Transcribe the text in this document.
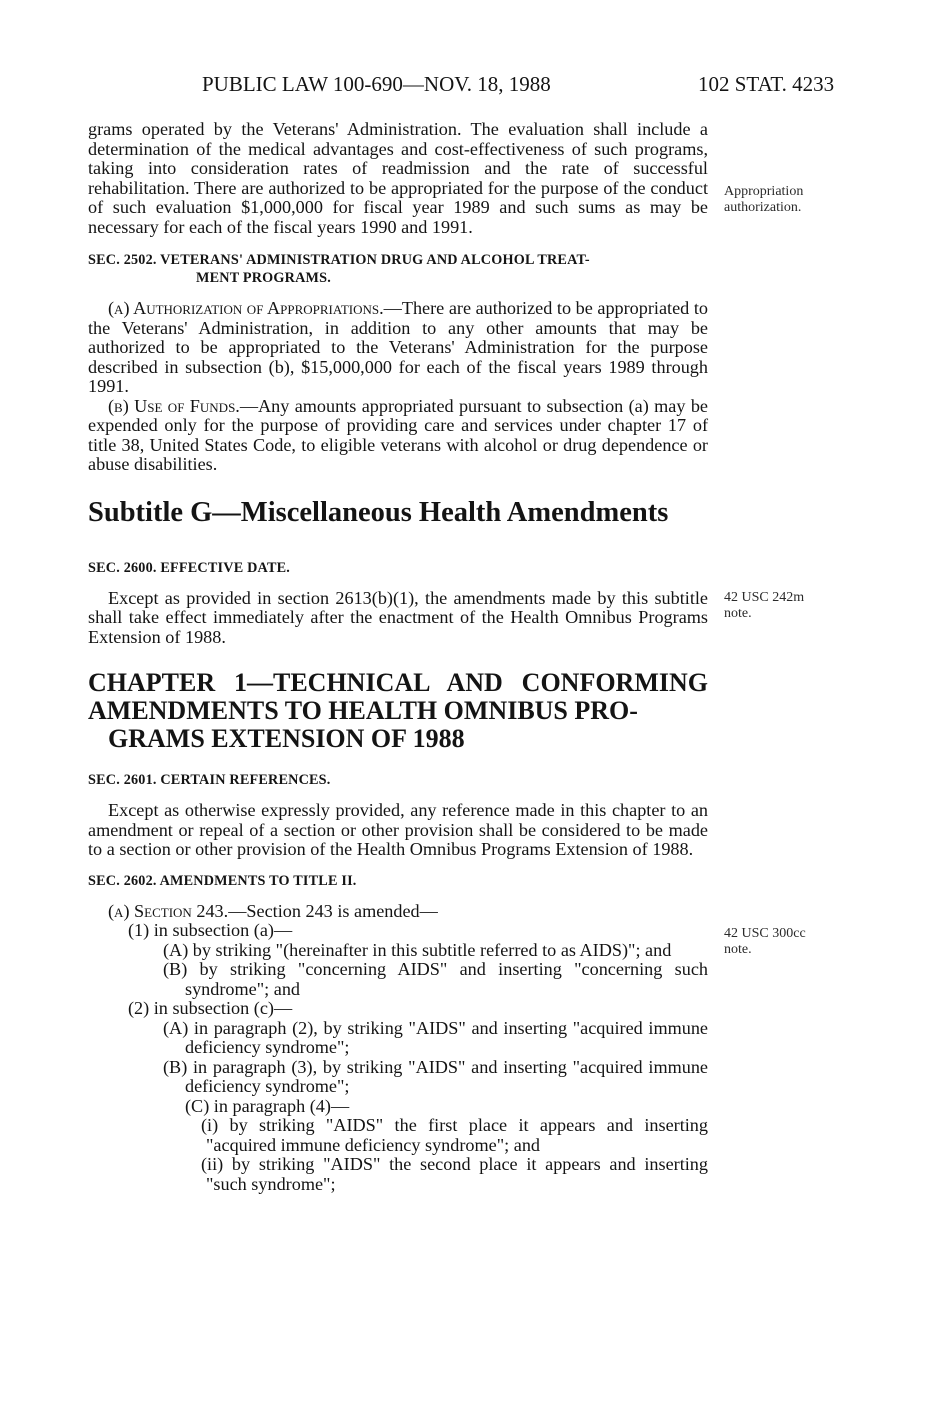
PUBLIC LAW 100-690—NOV. 18, 1988	102 STAT. 4233
Appropriation authorization.
42 USC 242m note.
42 USC 300cc note.

grams operated by the Veterans' Administration. The evaluation shall include a determination of the medical advantages and cost-effectiveness of such programs, taking into consideration rates of readmission and the rate of successful rehabilitation. There are authorized to be appropriated for the purpose of the conduct of such evaluation $1,000,000 for fiscal year 1989 and such sums as may be necessary for each of the fiscal years 1990 and 1991.

SEC. 2502. VETERANS' ADMINISTRATION DRUG AND ALCOHOL TREAT-
MENT PROGRAMS.

(a) Authorization of Appropriations.—There are authorized to be appropriated to the Veterans' Administration, in addition to any other amounts that may be authorized to be appropriated to the Veterans' Administration for the purpose described in subsection (b), $15,000,000 for each of the fiscal years 1989 through 1991.

(b) Use of Funds.—Any amounts appropriated pursuant to subsection (a) may be expended only for the purpose of providing care and services under chapter 17 of title 38, United States Code, to eligible veterans with alcohol or drug dependence or abuse disabilities.

Subtitle G—Miscellaneous Health Amendments
SEC. 2600. EFFECTIVE DATE.

Except as provided in section 2613(b)(1), the amendments made by this subtitle shall take effect immediately after the enactment of the Health Omnibus Programs Extension of 1988.

CHAPTER 1—TECHNICAL AND CONFORMING AMENDMENTS TO HEALTH OMNIBUS PRO-
GRAMS EXTENSION OF 1988
SEC. 2601. CERTAIN REFERENCES.

Except as otherwise expressly provided, any reference made in this chapter to an amendment or repeal of a section or other provision shall be considered to be made to a section or other provision of the Health Omnibus Programs Extension of 1988.

SEC. 2602. AMENDMENTS TO TITLE II.

(a) Section 243.—Section 243 is amended—

(1) in subsection (a)—

(A) by striking "(hereinafter in this subtitle referred to as AIDS)"; and

(B) by striking "concerning AIDS" and inserting "concerning such syndrome"; and

(2) in subsection (c)—

(A) in paragraph (2), by striking "AIDS" and inserting "acquired immune deficiency syndrome";

(B) in paragraph (3), by striking "AIDS" and inserting "acquired immune deficiency syndrome";

(C) in paragraph (4)—

(i) by striking "AIDS" the first place it appears and inserting "acquired immune deficiency syndrome"; and

(ii) by striking "AIDS" the second place it appears and inserting "such syndrome";
